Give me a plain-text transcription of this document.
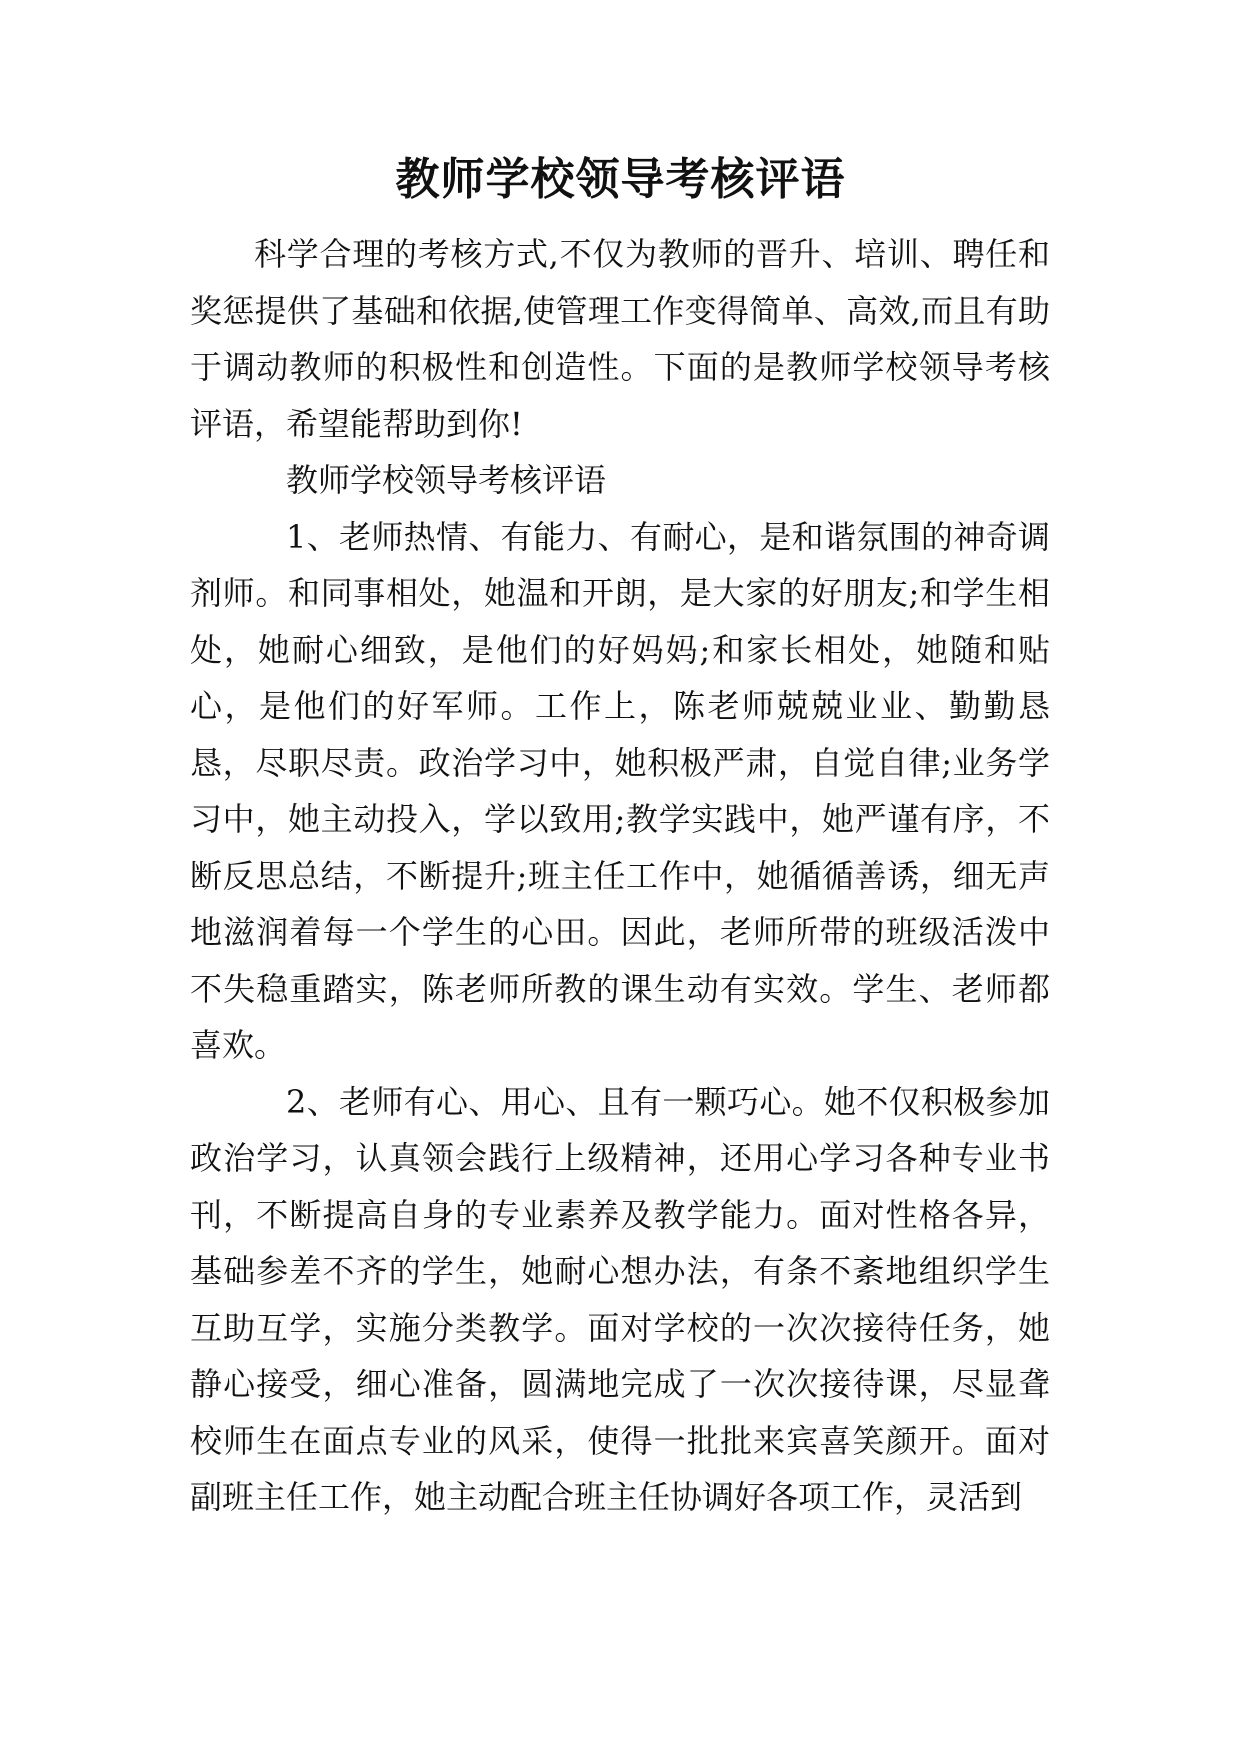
教师学校领导考核评语

科学合理的考核方式,不仅为教师的晋升、培训、聘任和奖惩提供了基础和依据,使管理工作变得简单、高效,而且有助于调动教师的积极性和创造性。下面的是教师学校领导考核评语，希望能帮助到你!

教师学校领导考核评语

1、老师热情、有能力、有耐心，是和谐氛围的神奇调剂师。和同事相处，她温和开朗，是大家的好朋友;和学生相处，她耐心细致，是他们的好妈妈;和家长相处，她随和贴心，是他们的好军师。工作上，陈老师兢兢业业、勤勤恳恳，尽职尽责。政治学习中，她积极严肃，自觉自律;业务学习中，她主动投入，学以致用;教学实践中，她严谨有序，不断反思总结，不断提升;班主任工作中，她循循善诱，细无声地滋润着每一个学生的心田。因此，老师所带的班级活泼中不失稳重踏实，陈老师所教的课生动有实效。学生、老师都喜欢。

2、老师有心、用心、且有一颗巧心。她不仅积极参加政治学习，认真领会践行上级精神，还用心学习各种专业书刊，不断提高自身的专业素养及教学能力。面对性格各异，基础参差不齐的学生，她耐心想办法，有条不紊地组织学生互助互学，实施分类教学。面对学校的一次次接待任务，她静心接受，细心准备，圆满地完成了一次次接待课，尽显聋校师生在面点专业的风采，使得一批批来宾喜笑颜开。面对副班主任工作，她主动配合班主任协调好各项工作，灵活到
